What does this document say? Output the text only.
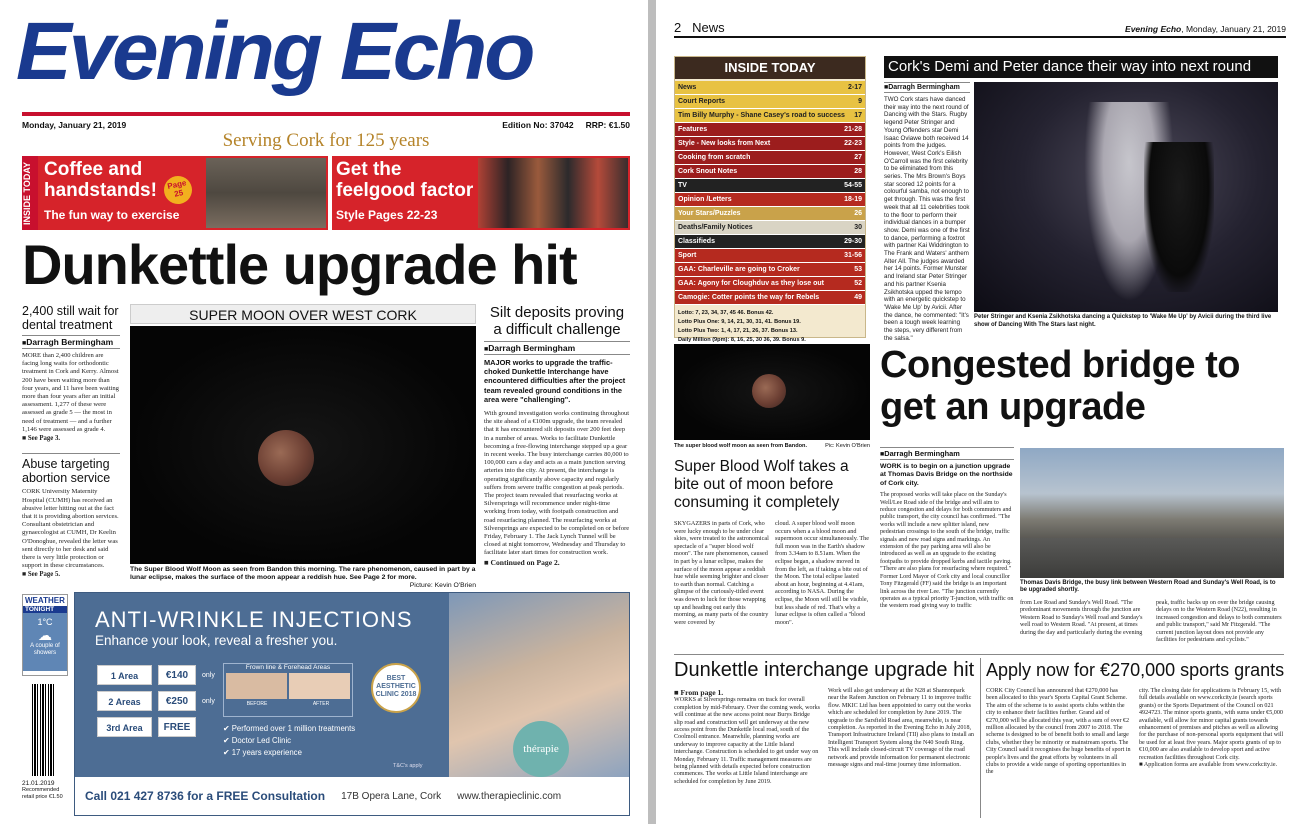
Evening Echo
Monday, January 21, 2019	Edition No: 37042 RRP: €1.50
Serving Cork for 125 years
INSIDE TODAY Coffee and handstands!
The fun way to exercise
Page 25
Get the feelgood factor
Style Pages 22-23
Dunkettle upgrade hit
2,400 still wait for dental treatment
■ Darragh Bermingham
MORE than 2,400 children are facing long waits for orthodontic treatment in Cork and Kerry. Almost 200 have been waiting more than four years, and 11 have been waiting more than four years after an initial assessment. 1,277 of these were assessed as grade 5 — the most in need of treatment — and a further 1,146 were assessed as grade 4.
■ See Page 3.
Abuse targeting abortion service
CORK University Maternity Hospital (CUMH) has received an abusive letter hitting out at the fact that it is providing abortion services. Consultant obstetrician and gynaecologist at CUMH, Dr Keelin O'Donoghue, revealed the letter was sent directly to her desk and said there is very little protection or support in these circumstances.
■ See Page 5.
SUPER MOON OVER WEST CORK
The Super Blood Wolf Moon as seen from Bandon this morning. The rare phenomenon, caused in part by a lunar eclipse, makes the surface of the moon appear a reddish hue. See Page 2 for more.
Picture: Kevin O'Brien
Silt deposits proving a difficult challenge
■ Darragh Bermingham
MAJOR works to upgrade the traffic-choked Dunkettle Interchange have encountered difficulties after the project team revealed ground conditions in the area were "challenging".
With ground investigation works continuing throughout the site ahead of a €100m upgrade, the team revealed that it has encountered silt deposits over 200 feet deep in a number of areas. Works to facilitate Dunkettle becoming a free-flowing interchange stepped up a gear in recent weeks. The busy interchange carries 80,000 to 100,000 cars a day and acts as a main junction serving arteries into the city. At present, the interchange is operating significantly above capacity and regularly suffers from severe traffic congestion at peak periods. The project team revealed that resurfacing works at Silversprings will recommence under night-time working from today, with footpath construction and road resurfacing planned. The resurfacing works at Silversprings are expected to be completed on or before Friday, February 1. The Jack Lynch Tunnel will be closed at night tomorrow, Wednesday and Thursday to facilitate later start times for construction work.
■ Continued on Page 2.
WEATHER
TONIGHT
1°C
☁
A couple of showers
21.01.2019
Recommended retail price €1.50
ANTI-WRINKLE INJECTIONS
Enhance your look, reveal a fresher you.
1 Area	€140	only
2 Areas	€250	only
3rd Area	FREE
Frown line & Forehead Areas
BEFORE	AFTER
BEST AESTHETIC CLINIC 2018
✔ Performed over 1 million treatments
✔ Doctor Led Clinic
✔ 17 years experience
T&C's apply
thérapie
Call 021 427 8736 for a FREE Consultation 17B Opera Lane, Cork www.therapieclinic.com
2 News	Evening Echo, Monday, January 21, 2019
INSIDE TODAY
News	2-17
Court Reports	9
Tim Billy Murphy - Shane Casey's road to success 17
Features	21-28
Style - New looks from Next	22-23
Cooking from scratch	27
Cork Snout Notes	28
TV	54-55
Opinion /Letters	18-19
Your Stars/Puzzles	26
Deaths/Family Notices	30
Classifieds	29-30
Sport	31-56
GAA: Charleville are going to Croker	53
GAA: Agony for Cloughduv as they lose out	52
Camogie: Cotter points the way for Rebels	49
Lotto: 7, 23, 34, 37, 45 46. Bonus 42.
Lotto Plus One: 9, 14, 21, 30, 31, 41. Bonus 19.
Lotto Plus Two: 1, 4, 17, 21, 26, 37. Bonus 13.
Daily Million (9pm): 8, 16, 25, 30 36, 39. Bonus 9.
Cork's Demi and Peter dance their way into next round
■ Darragh Bermingham
TWO Cork stars have danced their way into the next round of Dancing with the Stars. Rugby legend Peter Stringer and Young Offenders star Demi Isaac Oviawe both received 14 points from the judges. However, West Cork's Eilish O'Carroll was the first celebrity to be eliminated from this series. The Mrs Brown's Boys star scored 12 points for a colourful samba, not enough to get through. This was the first week that all 11 celebrities took to the floor to perform their individual dances in a bumper show. Demi was one of the first to dance, performing a foxtrot with partner Kai Widdrington to The Frank and Waters' anthem Alter All. The judges awarded her 14 points. Former Munster and Ireland star Peter Stringer and his partner Ksenia Zsikhotska upped the tempo with an energetic quickstep to 'Wake Me Up' by Avicii. After the dance, he commented: "It's been a tough week learning the steps, very different from the salsa."
Peter Stringer and Ksenia Zsikhotska dancing a Quickstep to 'Wake Me Up' by Avicii during the third live show of Dancing With The Stars last night.
The super blood wolf moon as seen from Bandon.	Pic: Kevin O'Brien
Super Blood Wolf takes a bite out of moon before consuming it completely
SKYGAZERS in parts of Cork, who were lucky enough to be under clear skies, were treated to the astronomical spectacle of a "super blood wolf moon". The rare phenomenon, caused in part by a lunar eclipse, makes the surface of the moon appear a reddish hue while seeming brighter and closer to earth than normal. Catching a glimpse of the curiously-titled event was down to luck for those wrapping up and heading out early this morning, as many parts of the country were covered by
cloud. A super blood wolf moon occurs when a a blood moon and supermoon occur simultaneously. The full moon was in the Earth's shadow from 3.34am to 8.51am. When the eclipse began, a shadow moved in from the left, as if taking a bite out of the Moon. The total eclipse lasted about an hour, beginning at 4.41am, according to NASA. During the eclipse, the Moon will still be visible, but less shade of red. That's why a lunar eclipse is often called a "blood moon".
Congested bridge to get an upgrade
■ Darragh Bermingham
WORK is to begin on a junction upgrade at Thomas Davis Bridge on the northside of Cork city.
The proposed works will take place on the Sunday's Well/Lee Road side of the bridge and will aim to reduce congestion and delays for both commuters and public transport, the city council has confirmed. "The works will include a new splitter island, new pedestrian crossings to the south of the bridge, traffic signals and new road signs and markings. An extension of the pay parking area will also be introduced as well as an upgrade to the existing footpaths to provide dropped kerbs and tactile paving. "There are also plans for resurfacing where required." Former Lord Mayor of Cork city and local councillor Tony Fitzgerald (FF) said the bridge is an important link across the river Lee. "The junction currently operates as a typical priority T-junction, with traffic on the western road giving way to traffic
Thomas Davis Bridge, the busy link between Western Road and Sunday's Well Road, is to be upgraded shortly.
from Lee Road and Sunday's Well Road. "The predominant movements through the junction are Western Road to Sunday's Well road and Sunday's well road to Western Road. "At present, at times during the day and particularly during the evening
peak, traffic backs up on over the bridge causing delays on to the Western Road (N22), resulting in increased congestion and delays to both commuters and public transport," said Mr Fitzgerald. "The current junction layout does not provide any facilities for pedestrians and cyclists."
Dunkettle interchange upgrade hit
■ From page 1.
WORKS at Silversprings remains on track for overall completion by mid-February. Over the coming week, works will continue at the new access point near Burys Bridge slip road and construction will get underway at the new access point from the Dunkettle local road, south of the Coolmoll entrance. Meanwhile, planning works are underway to improve capacity at the Little Island interchange. Construction is scheduled to get under way on Monday, February 11. Traffic management measures are being planned with details expected before construction commences. The works at Little Island interchange are scheduled for completion by June 2019.
Work will also get underway at the N28 at Shannonpark near the Rafeen Junction on February 11 to improve traffic flow. MKIC Ltd has been appointed to carry out the works which are scheduled for completion by June 2019. The upgrade to the Sarsfield Road area, meanwhile, is near completion. As reported in the Evening Echo in July 2018, Transport Infrastructure Ireland (TII) also plans to install an Intelligent Transport System along the N40 South Ring. This will include closed-circuit TV coverage of the road network and provide information for permanent electronic message signs and real-time journey time information.
Apply now for €270,000 sports grants
CORK City Council has announced that €270,000 has been allocated to this year's Sports Capital Grant Scheme. The aim of the scheme is to assist sports clubs within the city to enhance their facilities further. Grand aid of €270,000 will be allocated this year, with a sum of over €2 million allocated by the council from 2007 to 2018. The scheme is designed to be of benefit both to small and large clubs, whether they be minority or mainstream sports. The City Council said it recognises the huge benefits of sport in people's lives and the great efforts by volunteers in all clubs to provide a wide range of sporting opportunities in the
city. The closing date for applications is February 15, with full details available on www.corkcity.ie (search sports grants) or the Sports Department of the Council on 021 4924723. The minor sports grants, with sums under €5,000 available, will allow for minor capital grants towards enhancement of premises and pitches as well as allowing for the purchase of non-personal sports equipment that will be used for at least five years. Major sports grants of up to €10,000 are also available to develop sport and active recreation facilities throughout Cork city.
■ Application forms are available from www.corkcity.ie.
